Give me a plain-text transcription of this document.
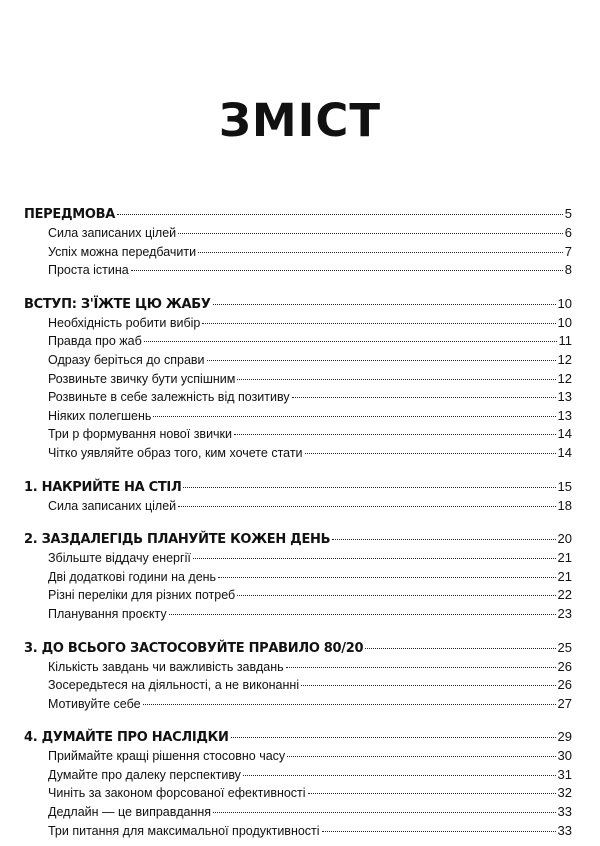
ЗМІСТ
ПЕРЕДМОВА	5
Сила записаних цілей	6
Успіх можна передбачити	7
Проста істина	8
ВСТУП: З'ЇЖТЕ ЦЮ ЖАБУ	10
Необхідність робити вибір	10
Правда про жаб	11
Одразу беріться до справи	12
Розвиньте звичку бути успішним	12
Розвиньте в себе залежність від позитиву	13
Ніяких полегшень	13
Три р формування нової звички	14
Чітко уявляйте образ того, ким хочете стати	14
1. НАКРИЙТЕ НА СТІЛ	15
Сила записаних цілей	18
2. ЗАЗДАЛЕГІДЬ ПЛАНУЙТЕ КОЖЕН ДЕНЬ	20
Збільште віддачу енергії	21
Дві додаткові години на день	21
Різні переліки для різних потреб	22
Планування проєкту	23
3. ДО ВСЬОГО ЗАСТОСОВУЙТЕ ПРАВИЛО 80/20	25
Кількість завдань чи важливість завдань	26
Зосередьтеся на діяльності, а не виконанні	26
Мотивуйте себе	27
4. ДУМАЙТЕ ПРО НАСЛІДКИ	29
Приймайте кращі рішення стосовно часу	30
Думайте про далеку перспективу	31
Чиніть за законом форсованої ефективності	32
Дедлайн — це виправдання	33
Три питання для максимальної продуктивності	33
